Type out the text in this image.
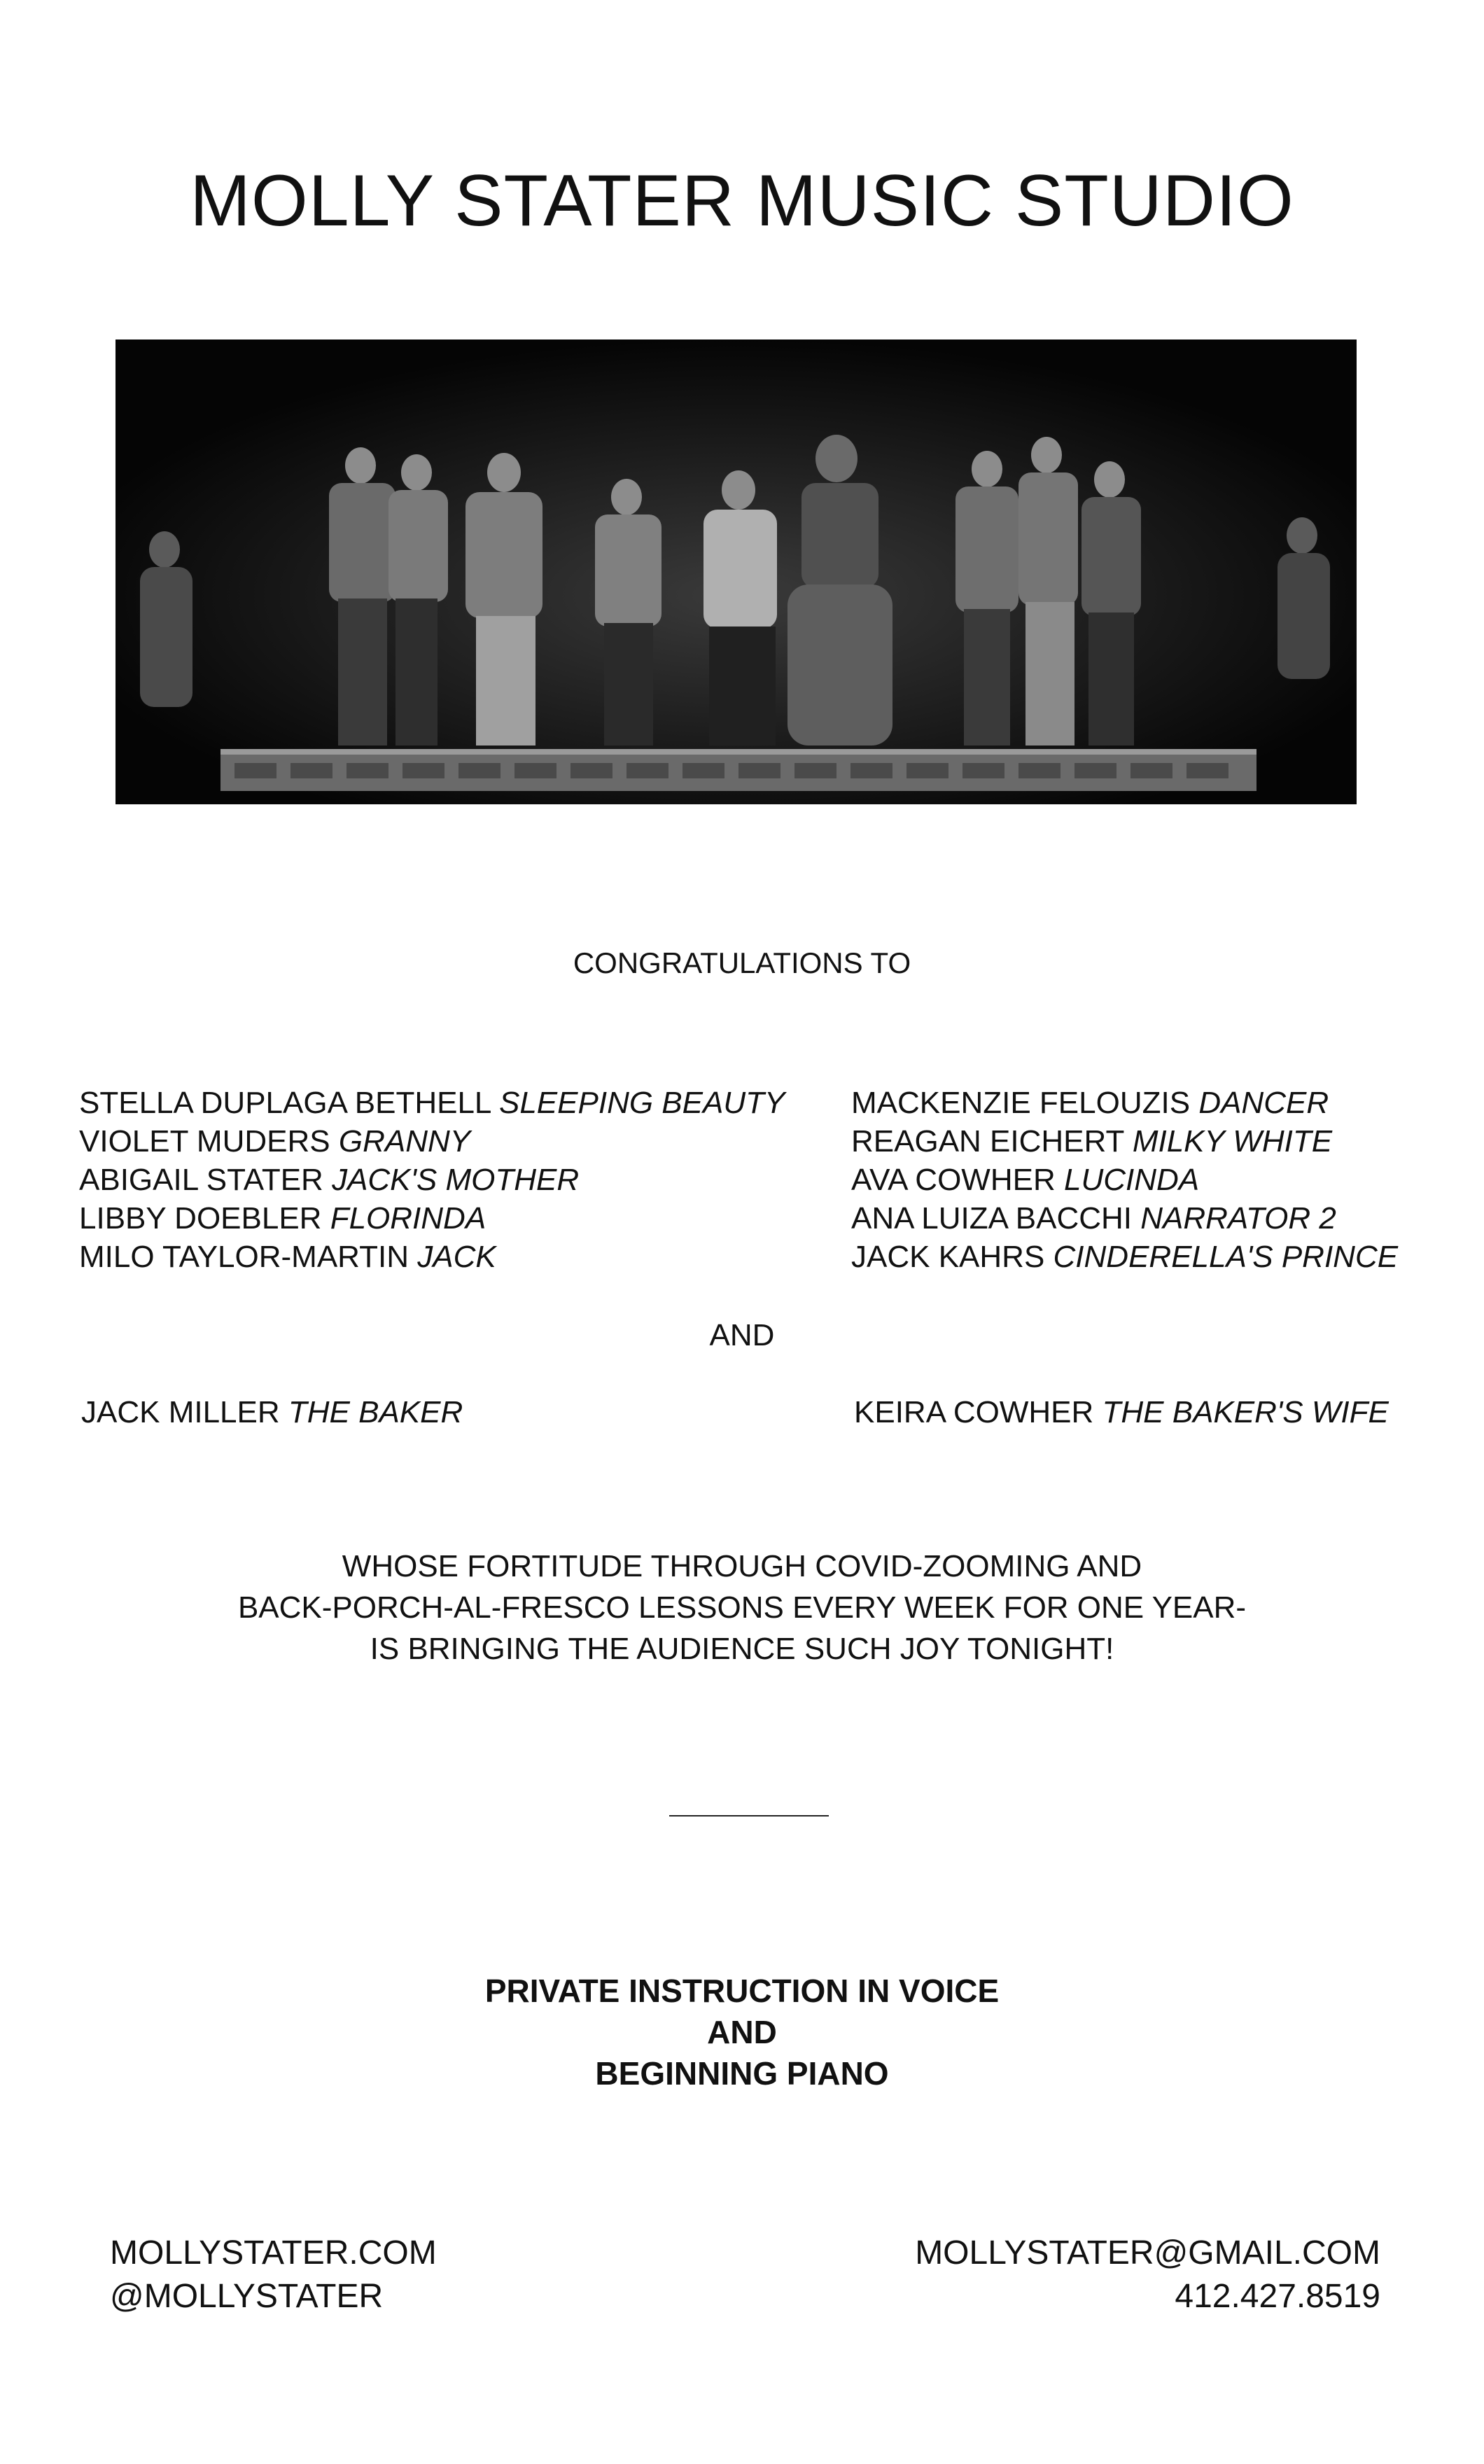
MOLLY STATER MUSIC STUDIO
CONGRATULATIONS TO
STELLA DUPLAGA BETHELL SLEEPING BEAUTY
VIOLET MUDERS GRANNY
ABIGAIL STATER JACK'S MOTHER
LIBBY DOEBLER FLORINDA
MILO TAYLOR-MARTIN JACK
MACKENZIE FELOUZIS DANCER
REAGAN EICHERT MILKY WHITE
AVA COWHER LUCINDA
ANA LUIZA BACCHI NARRATOR 2
JACK KAHRS CINDERELLA'S PRINCE
AND
JACK MILLER THE BAKER	KEIRA COWHER THE BAKER'S WIFE
WHOSE FORTITUDE THROUGH COVID-ZOOMING AND
BACK-PORCH-AL-FRESCO LESSONS EVERY WEEK FOR ONE YEAR-
IS BRINGING THE AUDIENCE SUCH JOY TONIGHT!
PRIVATE INSTRUCTION IN VOICE
AND
BEGINNING PIANO
MOLLYSTATER.COM
@MOLLYSTATER
MOLLYSTATER@GMAIL.COM
412.427.8519
